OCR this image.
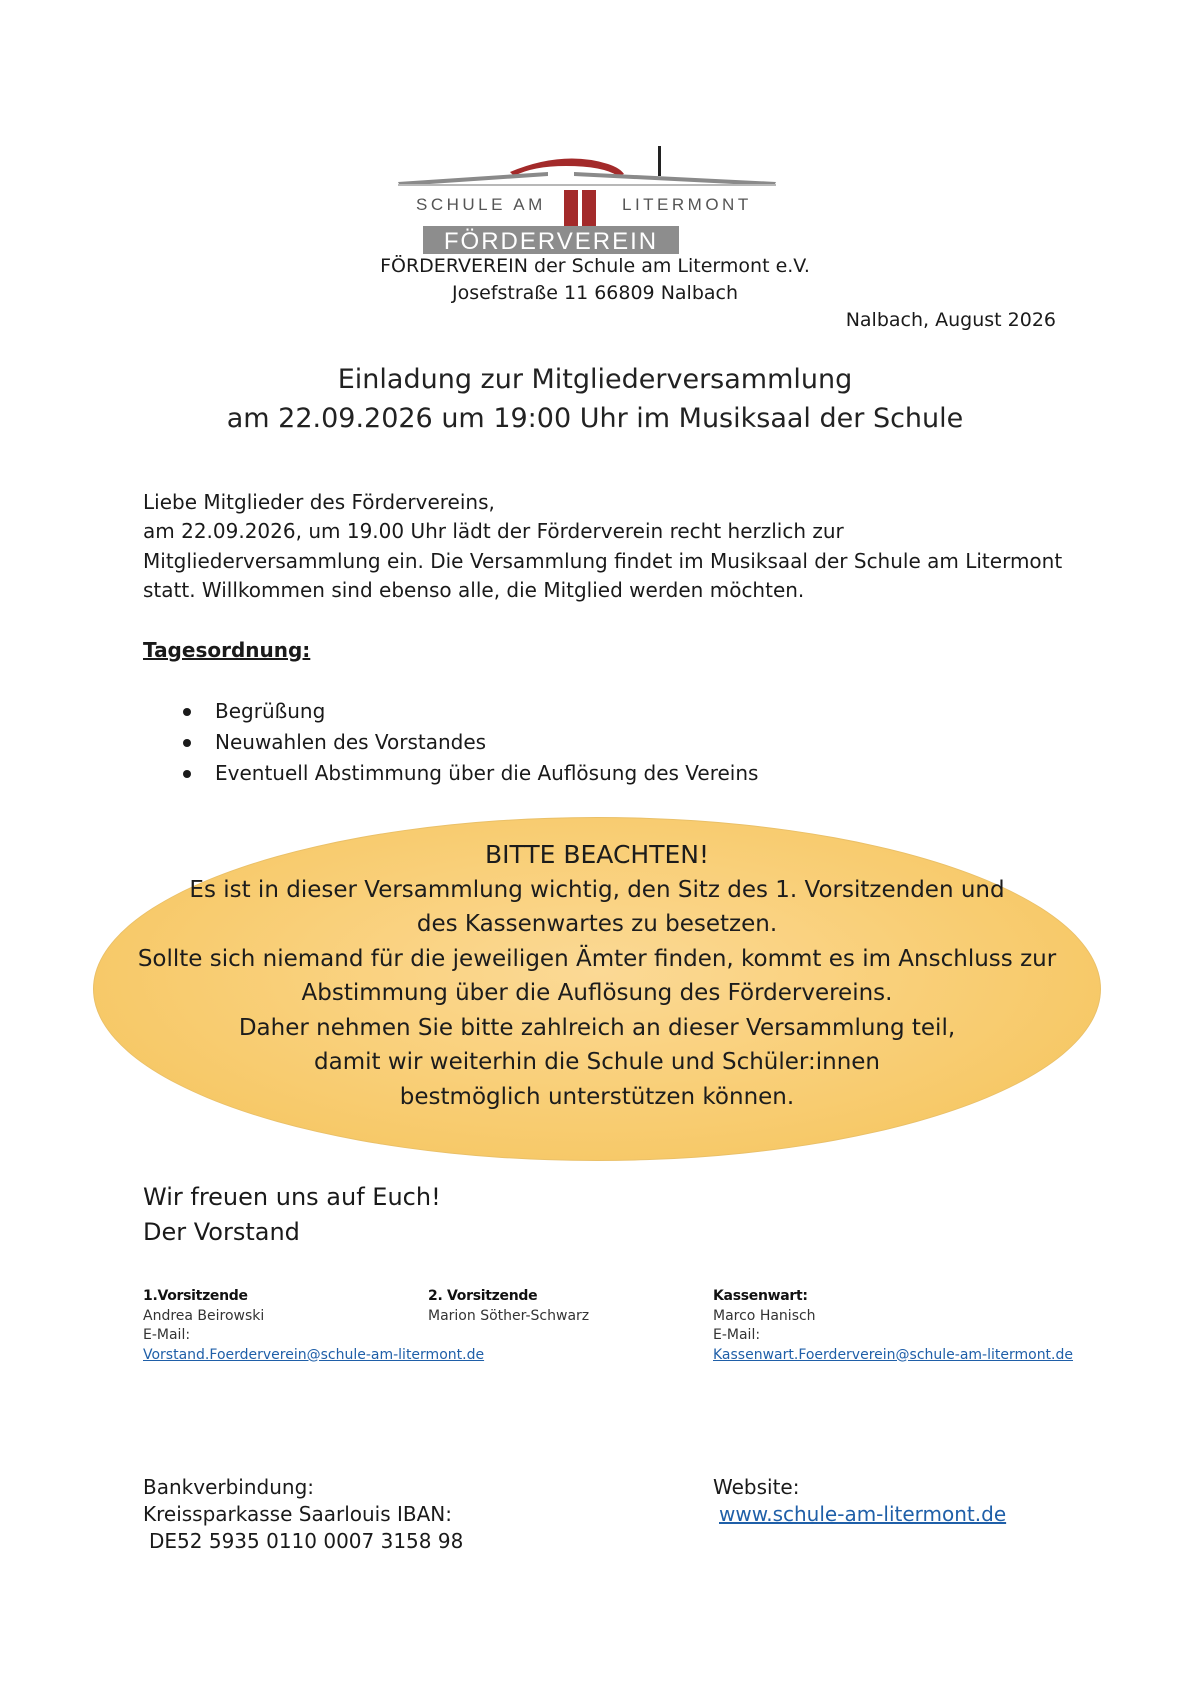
SCHULE AM	LITERMONT
FÖRDERVEREIN
FÖRDERVEREIN der Schule am Litermont e.V.
Josefstraße 11 66809 Nalbach
Nalbach, August 2026
Einladung zur Mitgliederversammlung
am 22.09.2026 um 19:00 Uhr im Musiksaal der Schule
Liebe Mitglieder des Fördervereins,
am 22.09.2026, um 19.00 Uhr lädt der Förderverein recht herzlich zur Mitgliederversammlung ein. Die Versammlung findet im Musiksaal der Schule am Litermont statt. Willkommen sind ebenso alle, die Mitglied werden möchten.
Tagesordnung:
Begrüßung
Neuwahlen des Vorstandes
Eventuell Abstimmung über die Auflösung des Vereins
BITTE BEACHTEN!
Es ist in dieser Versammlung wichtig, den Sitz des 1. Vorsitzenden und
des Kassenwartes zu besetzen.
Sollte sich niemand für die jeweiligen Ämter finden, kommt es im Anschluss zur
Abstimmung über die Auflösung des Fördervereins.
Daher nehmen Sie bitte zahlreich an dieser Versammlung teil,
damit wir weiterhin die Schule und Schüler:innen
bestmöglich unterstützen können.
Wir freuen uns auf Euch!
Der Vorstand
1.Vorsitzende
Andrea Beirowski
E-Mail:
Vorstand.Foerderverein@schule-am-litermont.de
2. Vorsitzende
Marion Söther-Schwarz
Kassenwart:
Marco Hanisch
E-Mail:
Kassenwart.Foerderverein@schule-am-litermont.de
Bankverbindung:
Kreissparkasse Saarlouis IBAN:
DE52 5935 0110 0007 3158 98
Website:
www.schule-am-litermont.de
